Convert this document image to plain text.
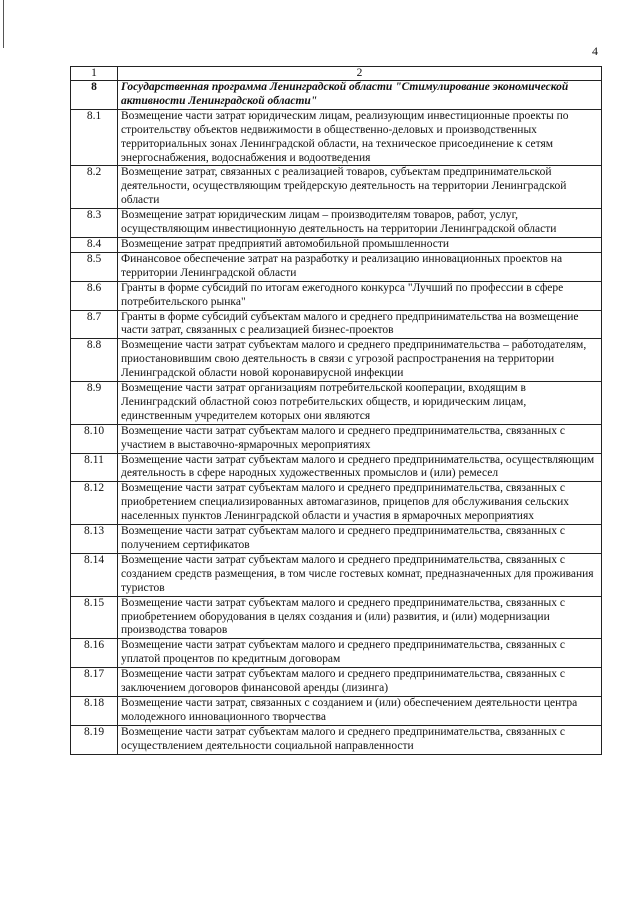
4
1	2
8	Государственная программа Ленинградской области "Стимулирование экономической активности Ленинградской области"
8.1	Возмещение части затрат юридическим лицам, реализующим инвестиционные проекты по строительству объектов недвижимости в общественно-деловых и производственных территориальных зонах Ленинградской области, на техническое присоединение к сетям энергоснабжения, водоснабжения и водоотведения
8.2	Возмещение затрат, связанных с реализацией товаров, субъектам предпринимательской деятельности, осуществляющим трейдерскую деятельность на территории Ленинградской области
8.3	Возмещение затрат юридическим лицам – производителям товаров, работ, услуг, осуществляющим инвестиционную деятельность на территории Ленинградской области
8.4	Возмещение затрат предприятий автомобильной промышленности
8.5	Финансовое обеспечение затрат на разработку и реализацию инновационных проектов на территории Ленинградской области
8.6	Гранты в форме субсидий по итогам ежегодного конкурса "Лучший по профессии в сфере потребительского рынка"
8.7	Гранты в форме субсидий субъектам малого и среднего предпринимательства на возмещение части затрат, связанных с реализацией бизнес-проектов
8.8	Возмещение части затрат субъектам малого и среднего предпринимательства – работодателям, приостановившим свою деятельность в связи с угрозой распространения на территории Ленинградской области новой коронавирусной инфекции
8.9	Возмещение части затрат организациям потребительской кооперации, входящим в Ленинградский областной союз потребительских обществ, и юридическим лицам, единственным учредителем которых они являются
8.10	Возмещение части затрат субъектам малого и среднего предпринимательства, связанных с участием в выставочно-ярмарочных мероприятиях
8.11	Возмещение части затрат субъектам малого и среднего предпринимательства, осуществляющим деятельность в сфере народных художественных промыслов и (или) ремесел
8.12	Возмещение части затрат субъектам малого и среднего предпринимательства, связанных с приобретением специализированных автомагазинов, прицепов для обслуживания сельских населенных пунктов Ленинградской области и участия в ярмарочных мероприятиях
8.13	Возмещение части затрат субъектам малого и среднего предпринимательства, связанных с получением сертификатов
8.14	Возмещение части затрат субъектам малого и среднего предпринимательства, связанных с созданием средств размещения, в том числе гостевых комнат, предназначенных для проживания туристов
8.15	Возмещение части затрат субъектам малого и среднего предпринимательства, связанных с приобретением оборудования в целях создания и (или) развития, и (или) модернизации производства товаров
8.16	Возмещение части затрат субъектам малого и среднего предпринимательства, связанных с уплатой процентов по кредитным договорам
8.17	Возмещение части затрат субъектам малого и среднего предпринимательства, связанных с заключением договоров финансовой аренды (лизинга)
8.18	Возмещение части затрат, связанных с созданием и (или) обеспечением деятельности центра молодежного инновационного творчества
8.19	Возмещение части затрат субъектам малого и среднего предпринимательства, связанных с осуществлением деятельности социальной направленности
